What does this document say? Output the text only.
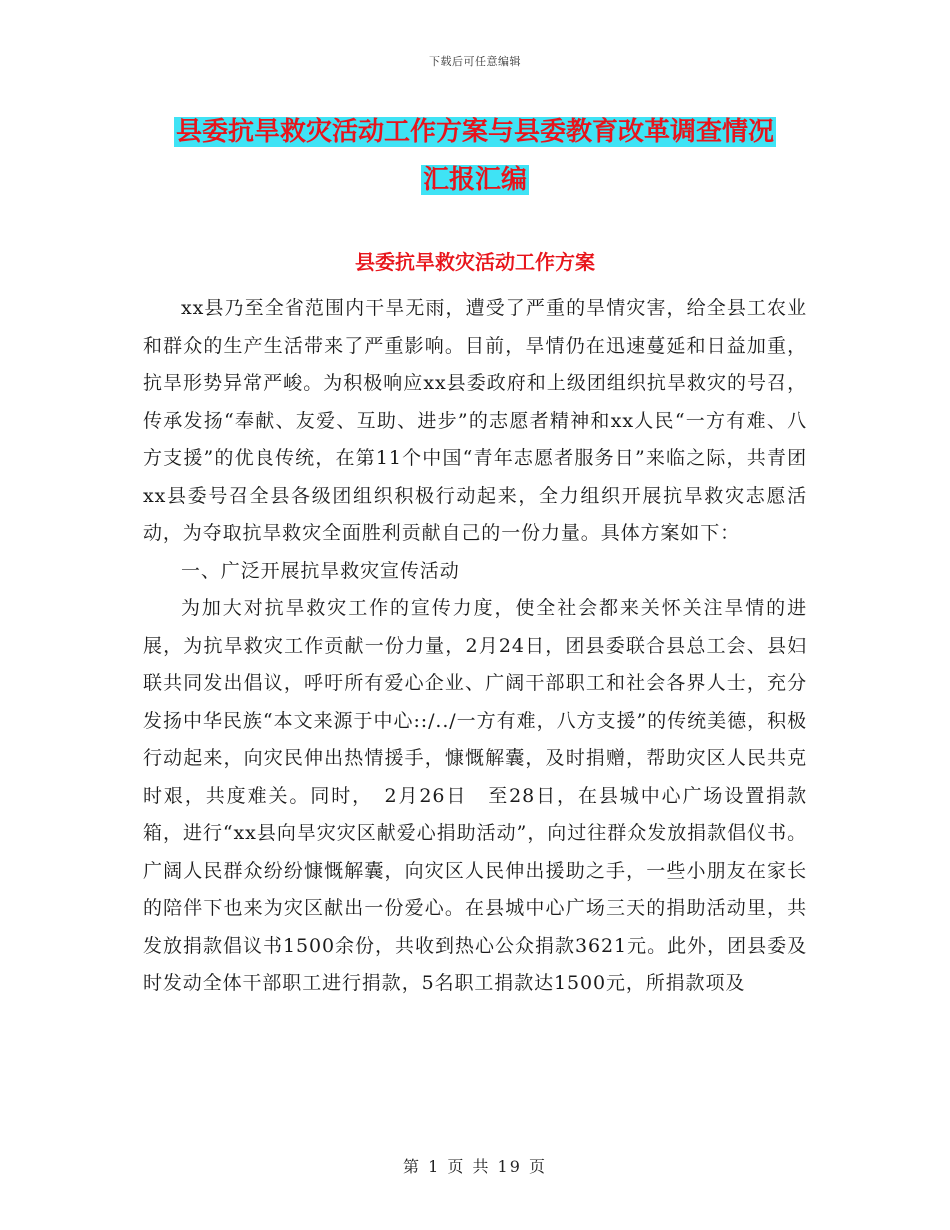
下载后可任意编辑
县委抗旱救灾活动工作方案与县委教育改革调查情况
汇报汇编
县委抗旱救灾活动工作方案

xx县乃至全省范围内干旱无雨，遭受了严重的旱情灾害，给全县工农业和群众的生产生活带来了严重影响。目前，旱情仍在迅速蔓延和日益加重，抗旱形势异常严峻。为积极响应xx县委政府和上级团组织抗旱救灾的号召，传承发扬“奉献、友爱、互助、进步”的志愿者精神和xx人民“一方有难、八方支援”的优良传统，在第11个中国“青年志愿者服务日”来临之际，共青团xx县委号召全县各级团组织积极行动起来，全力组织开展抗旱救灾志愿活动，为夺取抗旱救灾全面胜利贡献自己的一份力量。具体方案如下：

一、广泛开展抗旱救灾宣传活动

为加大对抗旱救灾工作的宣传力度，使全社会都来关怀关注旱情的进展，为抗旱救灾工作贡献一份力量，2月24日，团县委联合县总工会、县妇联共同发出倡议，呼吁所有爱心企业、广阔干部职工和社会各界人士，充分发扬中华民族“本文来源于中心::/../一方有难，八方支援”的传统美德，积极行动起来，向灾民伸出热情援手，慷慨解囊，及时捐赠，帮助灾区人民共克时艰，共度难关。同时，　2月26日　至28日，在县城中心广场设置捐款箱，进行“xx县向旱灾灾区献爱心捐助活动”，向过往群众发放捐款倡仪书。广阔人民群众纷纷慷慨解囊，向灾区人民伸出援助之手，一些小朋友在家长的陪伴下也来为灾区献出一份爱心。在县城中心广场三天的捐助活动里，共发放捐款倡议书1500余份，共收到热心公众捐款3621元。此外，团县委及时发动全体干部职工进行捐款，5名职工捐款达1500元，所捐款项及

第 1 页 共 19 页
